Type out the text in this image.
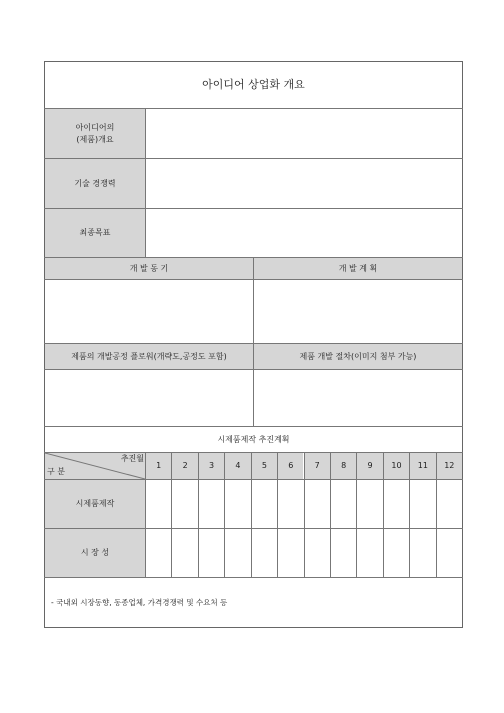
아이디어 상업화 개요
아이디어의
(제품)개요
기술 경쟁력
최종목표
개 발 동 기	개 발 계 획
제품의 개발공정 플로워(개략도,공정도 포함)	제품 개발 절차(이미지 첨부 가능)
시제품제작 추진계획
추진월
구 분
1	2	3	4	5	6	7	8	9	10	11	12
시제품제작
시 장 성
- 국내외 시장동향, 동종업체, 가격경쟁력 및 수요처 등
